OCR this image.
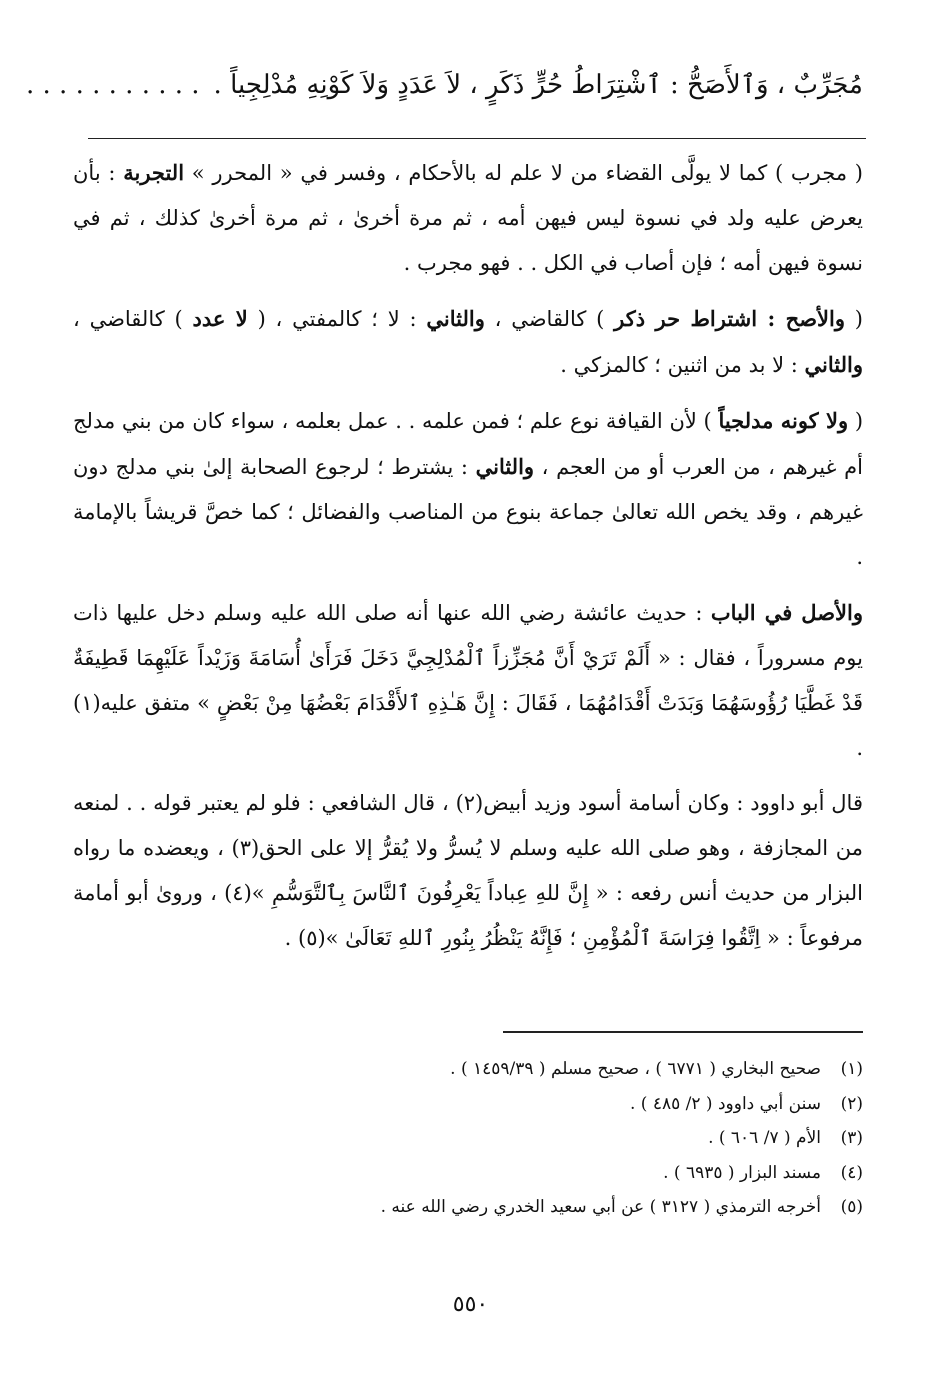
مُجَرِّبٌ ، وَٱلأَصَحُّ : ٱشْتِرَاطُ حُرٍّ ذَكَرٍ ، لاَ عَدَدٍ وَلاَ كَوْنِهِ مُدْلِجِياً .. . . . . . . . . . .

( مجرب ) كما لا يولَّى القضاء من لا علم له بالأحكام ، وفسر في « المحرر » التجربة : بأن يعرض عليه ولد في نسوة ليس فيهن أمه ، ثم مرة أخرىٰ ، ثم مرة أخرىٰ كذلك ، ثم في نسوة فيهن أمه ؛ فإن أصاب في الكل . . فهو مجرب .

( والأصح : اشتراط حر ذكر ) كالقاضي ، والثاني : لا ؛ كالمفتي ، ( لا عدد ) كالقاضي ، والثاني : لا بد من اثنين ؛ كالمزكي .

( ولا كونه مدلجياً ) لأن القيافة نوع علم ؛ فمن علمه . . عمل بعلمه ، سواء كان من بني مدلج أم غيرهم ، من العرب أو من العجم ، والثاني : يشترط ؛ لرجوع الصحابة إلىٰ بني مدلج دون غيرهم ، وقد يخص الله تعالىٰ جماعة بنوع من المناصب والفضائل ؛ كما خصَّ قريشاً بالإمامة .

والأصل في الباب : حديث عائشة رضي الله عنها أنه صلى الله عليه وسلم دخل عليها ذات يوم مسروراً ، فقال : « أَلَمْ تَرَيْ أَنَّ مُجَزِّزاً ٱلْمُدْلِجِيَّ دَخَلَ فَرَأَىٰ أُسَامَةَ وَزَيْداً عَلَيْهِمَا قَطِيفَةٌ قَدْ غَطَّيَا رُؤُوسَهُمَا وَبَدَتْ أَقْدَامُهُمَا ، فَقَالَ : إِنَّ هَـٰذِهِ ٱلأَقْدَامَ بَعْضُهَا مِنْ بَعْضٍ » متفق عليه(١) .

قال أبو داوود : وكان أسامة أسود وزيد أبيض(٢) ، قال الشافعي : فلو لم يعتبر قوله . . لمنعه من المجازفة ، وهو صلى الله عليه وسلم لا يُسرُّ ولا يُقرُّ إلا على الحق(٣) ، ويعضده ما رواه البزار من حديث أنس رفعه : « إِنَّ للهِ عِباداً يَعْرِفُونَ ٱلنَّاسَ بِٱلتَّوَسُّمِ »(٤) ، وروىٰ أبو أمامة مرفوعاً : « اِتَّقُوا فِرَاسَةَ ٱلْمُؤْمِنِ ؛ فَإِنَّهُ يَنْظُرُ بِنُورِ ٱللهِ تَعَالَىٰ »(٥) .

(١)
صحيح البخاري ( ٦٧٧١ ) ، صحيح مسلم ( ١٤٥٩/٣٩ ) .
(٢)
سنن أبي داوود ( ٢/ ٤٨٥ ) .
(٣)
الأم ( ٧/ ٦٠٦ ) .
(٤)
مسند البزار ( ٦٩٣٥ ) .
(٥)
أخرجه الترمذي ( ٣١٢٧ ) عن أبي سعيد الخدري رضي الله عنه .
٥٥٠
